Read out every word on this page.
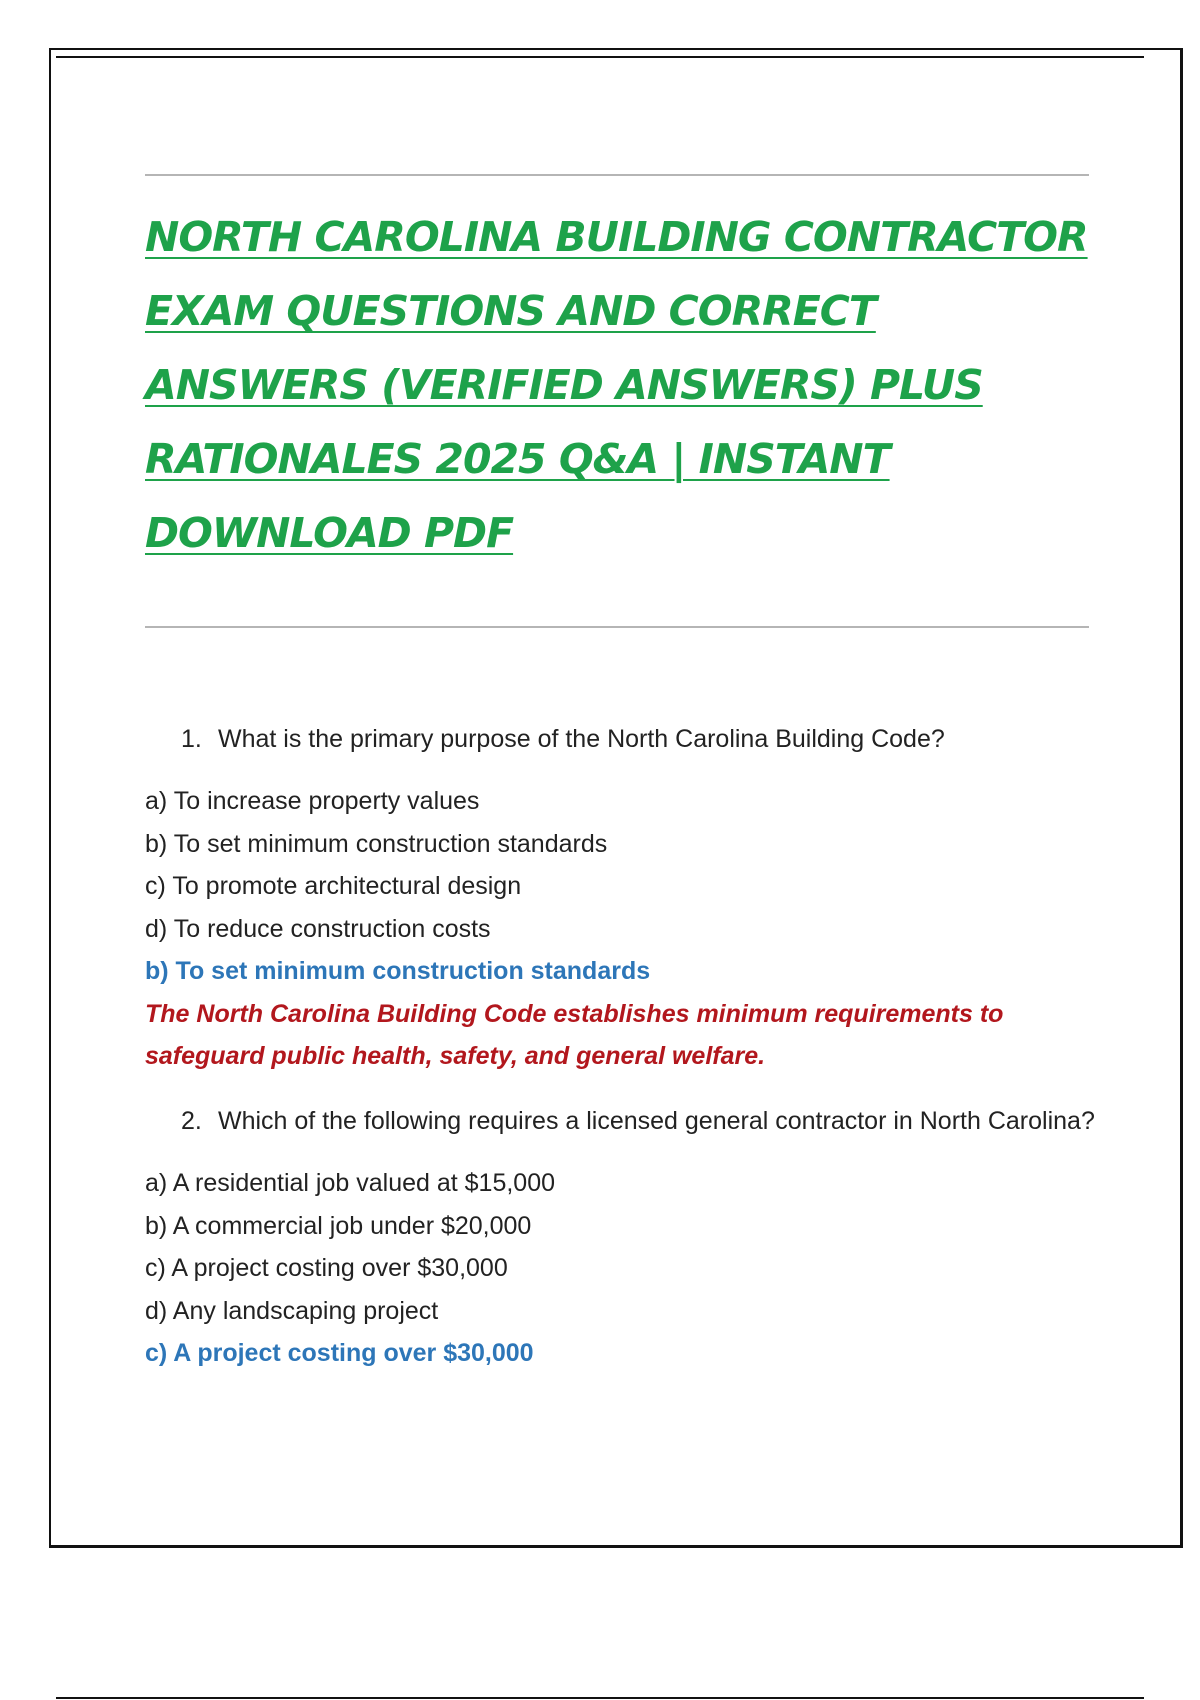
NORTH CAROLINA BUILDING CONTRACTOR
EXAM QUESTIONS AND CORRECT
ANSWERS (VERIFIED ANSWERS) PLUS
RATIONALES 2025 Q&A | INSTANT
DOWNLOAD PDF
1. What is the primary purpose of the North Carolina Building Code?
a) To increase property values
b) To set minimum construction standards
c) To promote architectural design
d) To reduce construction costs
b) To set minimum construction standards
The North Carolina Building Code establishes minimum requirements to safeguard public health, safety, and general welfare.
2. Which of the following requires a licensed general contractor in North Carolina?
a) A residential job valued at $15,000
b) A commercial job under $20,000
c) A project costing over $30,000
d) Any landscaping project
c) A project costing over $30,000
